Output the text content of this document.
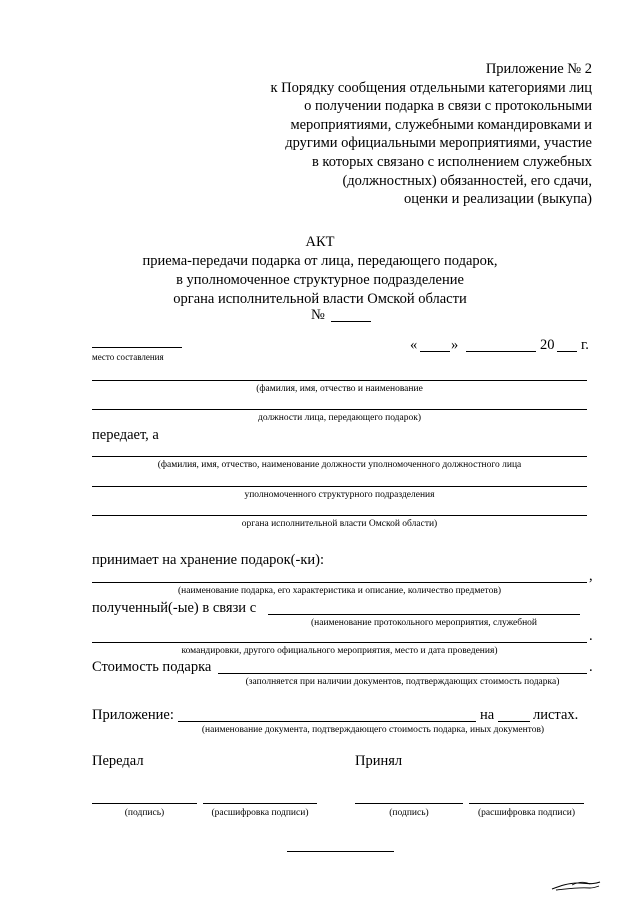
Приложение № 2
к Порядку сообщения отдельными категориями лиц
о получении подарка в связи с протокольными
мероприятиями, служебными командировками и
другими официальными мероприятиями, участие
в которых связано с исполнением служебных
(должностных) обязанностей, его сдачи,
оценки и реализации (выкупа)
АКТ
приема-передачи подарка от лица, передающего подарок,
в уполномоченное структурное подразделение
органа исполнительной власти Омской области
№
место составления
« »	20 г.
(фамилия, имя, отчество и наименование
должности лица, передающего подарок)
передает, а
(фамилия, имя, отчество, наименование должности уполномоченного должностного лица
уполномоченного структурного подразделения
органа исполнительной власти Омской области)
принимает на хранение подарок(-ки):
,
(наименование подарка, его характеристика и описание, количество предметов)
полученный(-ые) в связи с
(наименование протокольного мероприятия, служебной
.
командировки, другого официального мероприятия, место и дата проведения)
Стоимость подарка	.
(заполняется при наличии документов, подтверждающих стоимость подарка)
Приложение:	на	листах.
(наименование документа, подтверждающего стоимость подарка, иных документов)
Передал	Принял
(подпись)	(расшифровка подписи)	(подпись)	(расшифровка подписи)
